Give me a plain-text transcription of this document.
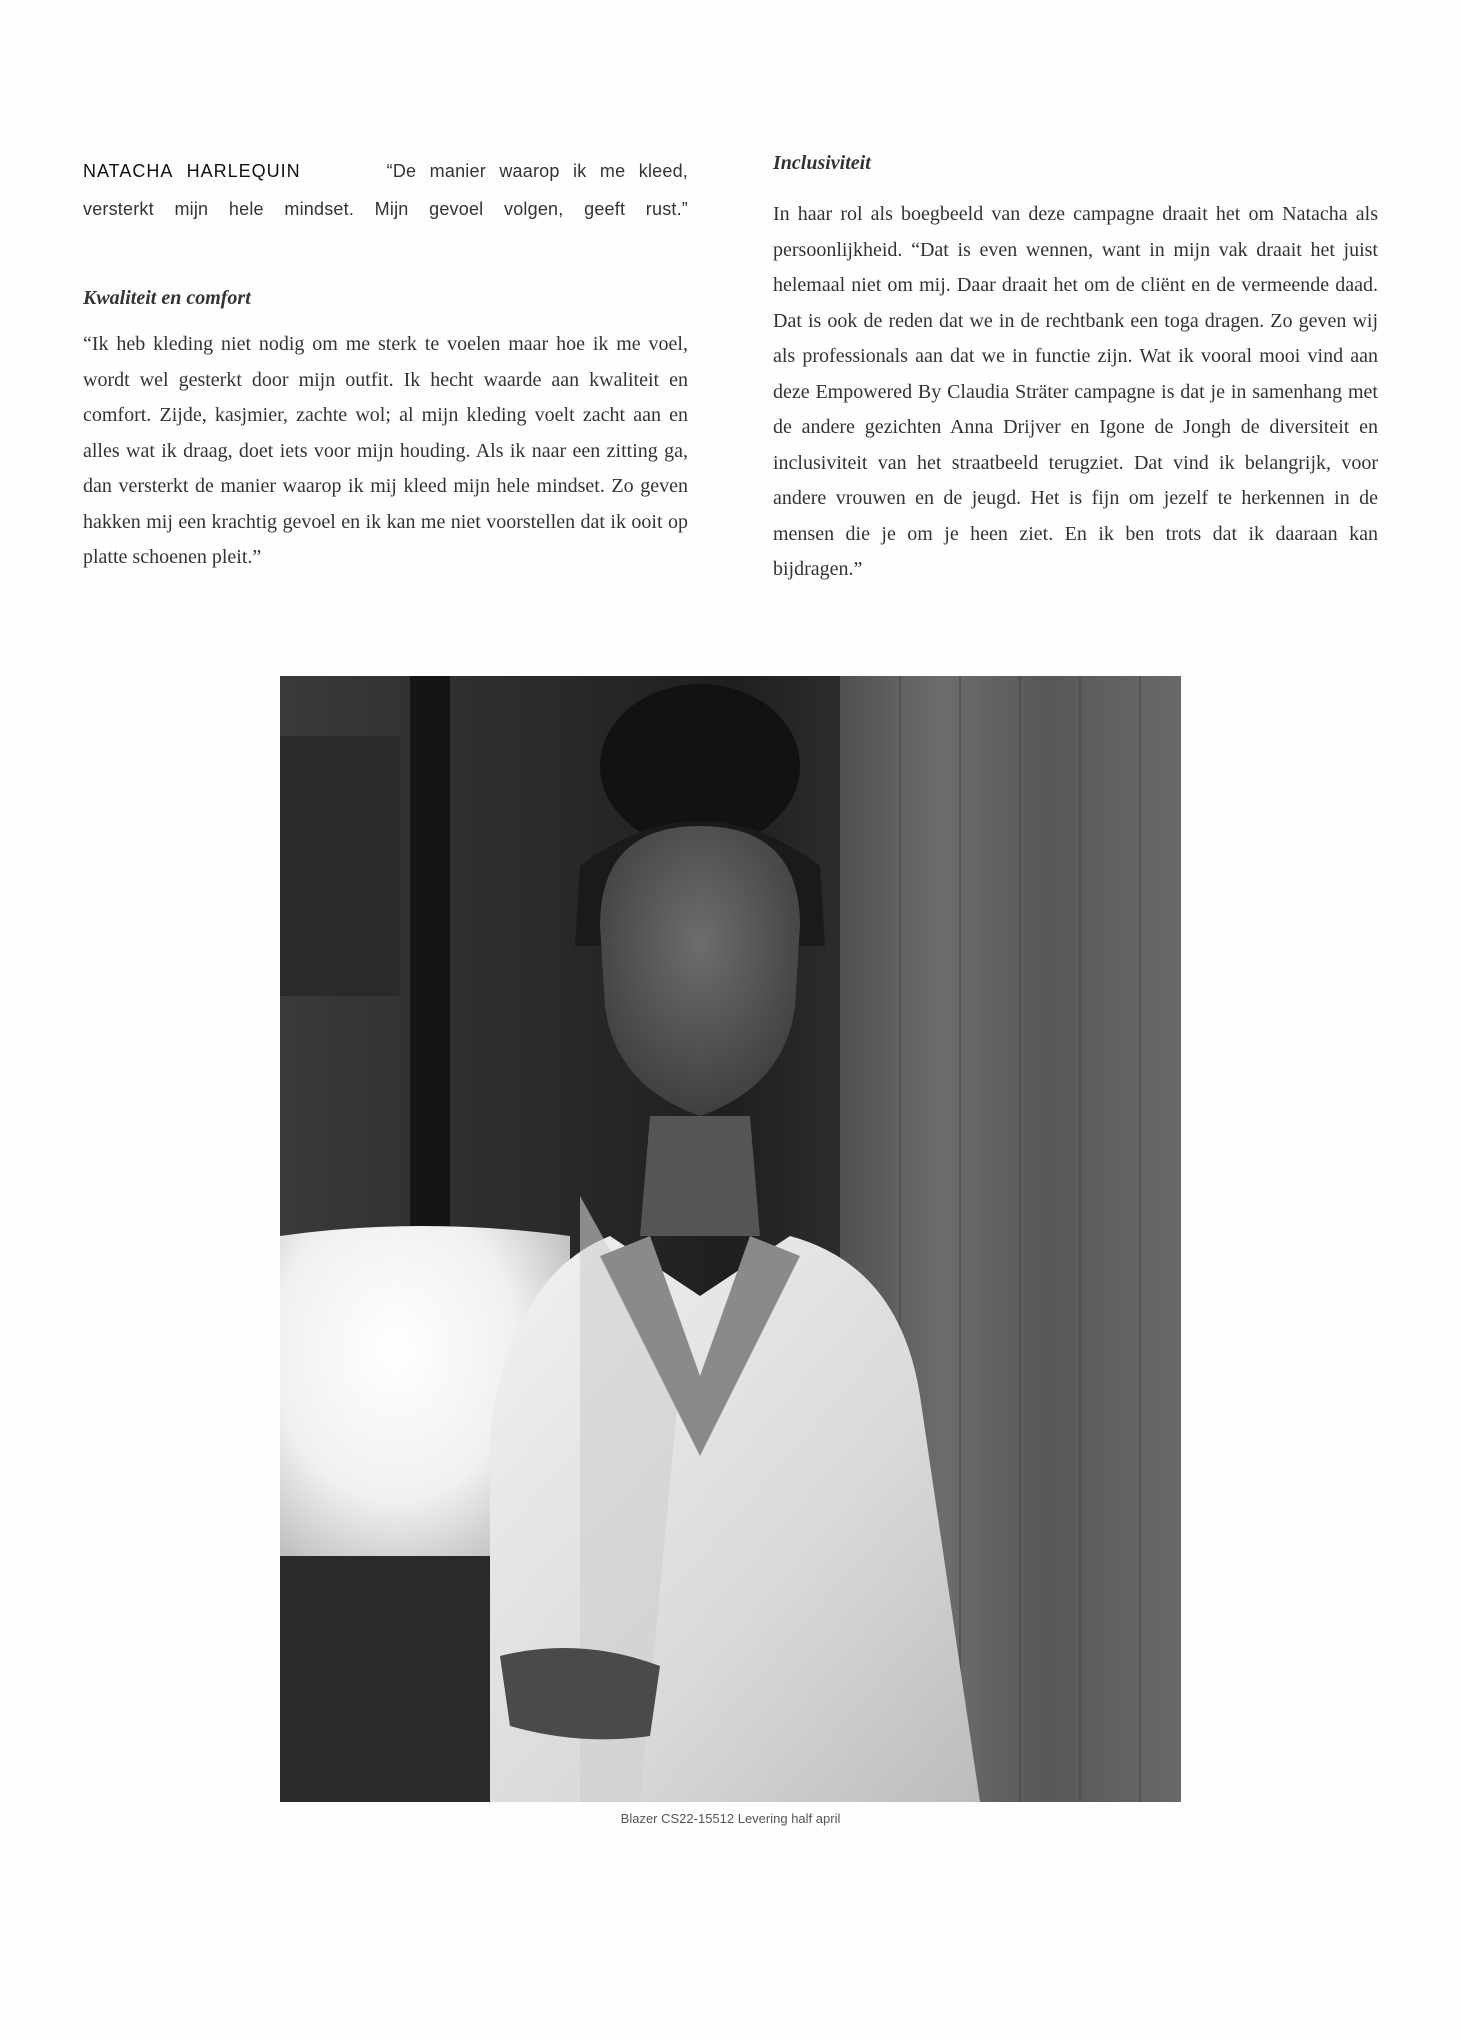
NATACHA HARLEQUIN	“De manier waarop ik me kleed, versterkt mijn hele mindset. Mijn gevoel volgen, geeft rust.”
Kwaliteit en comfort

“Ik heb kleding niet nodig om me sterk te voelen maar hoe ik me voel, wordt wel gesterkt door mijn outfit. Ik hecht waarde aan kwaliteit en comfort. Zijde, kasjmier, zachte wol; al mijn kleding voelt zacht aan en alles wat ik draag, doet iets voor mijn houding. Als ik naar een zitting ga, dan versterkt de manier waarop ik mij kleed mijn hele mindset. Zo geven hakken mij een krachtig gevoel en ik kan me niet voorstellen dat ik ooit op platte schoenen pleit.”

Inclusiviteit

In haar rol als boegbeeld van deze campagne draait het om Natacha als persoonlijkheid. “Dat is even wennen, want in mijn vak draait het juist helemaal niet om mij. Daar draait het om de cliënt en de vermeende daad. Dat is ook de reden dat we in de rechtbank een toga dragen. Zo geven wij als professionals aan dat we in functie zijn. Wat ik vooral mooi vind aan deze Empowered By Claudia Sträter campagne is dat je in samenhang met de andere gezichten Anna Drijver en Igone de Jongh de diversiteit en inclusiviteit van het straatbeeld terugziet. Dat vind ik belangrijk, voor andere vrouwen en de jeugd. Het is fijn om jezelf te herkennen in de mensen die je om je heen ziet. En ik ben trots dat ik daaraan kan bijdragen.”

Blazer CS22-15512 Levering half april
